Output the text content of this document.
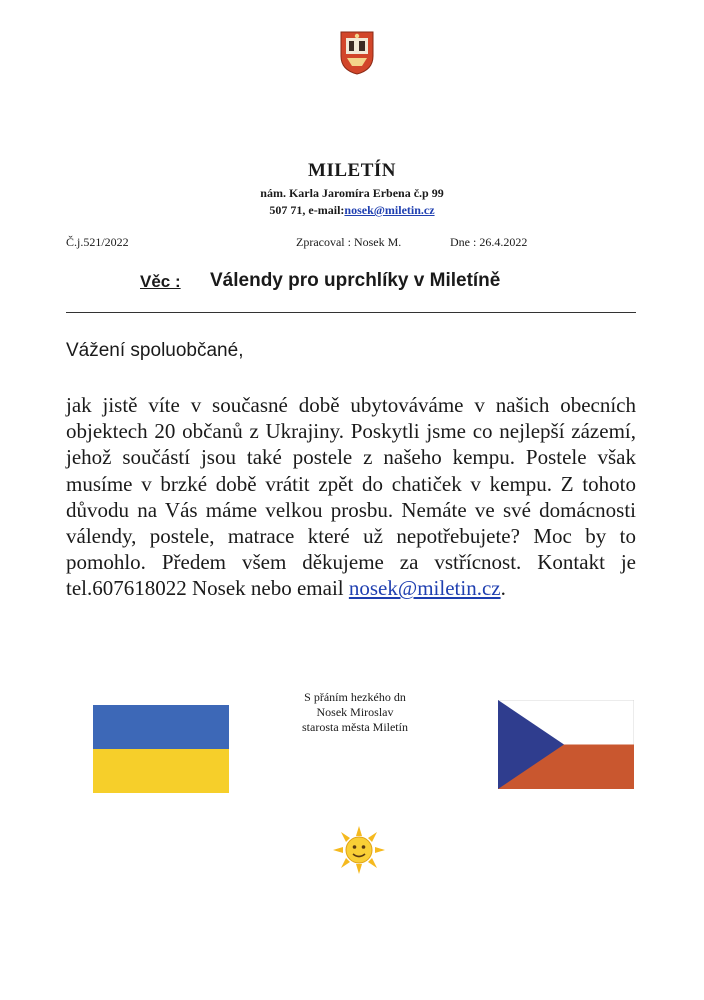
MILETÍN
nám. Karla Jaromíra Erbena č.p 99
507 71, e-mail:nosek@miletin.cz
Č.j.521/2022	Zpracoval : Nosek M.	Dne : 26.4.2022
Věc : Válendy pro uprchlíky v Miletíně
Vážení spoluobčané,

jak jistě víte v současné době ubytováváme v našich obecních objektech 20 občanů z Ukrajiny. Poskytli jsme co nejlepší zázemí, jehož součástí jsou také postele z našeho kempu. Postele však musíme v brzké době vrátit zpět do chatiček v kempu. Z tohoto důvodu na Vás máme velkou prosbu. Nemáte ve své domácnosti válendy, postele, matrace které už nepotřebujete? Moc by to pomohlo. Předem všem děkujeme za vstřícnost. Kontakt je tel.607618022 Nosek nebo email nosek@miletin.cz.

S přáním hezkého dn
Nosek Miroslav
starosta města Miletín
